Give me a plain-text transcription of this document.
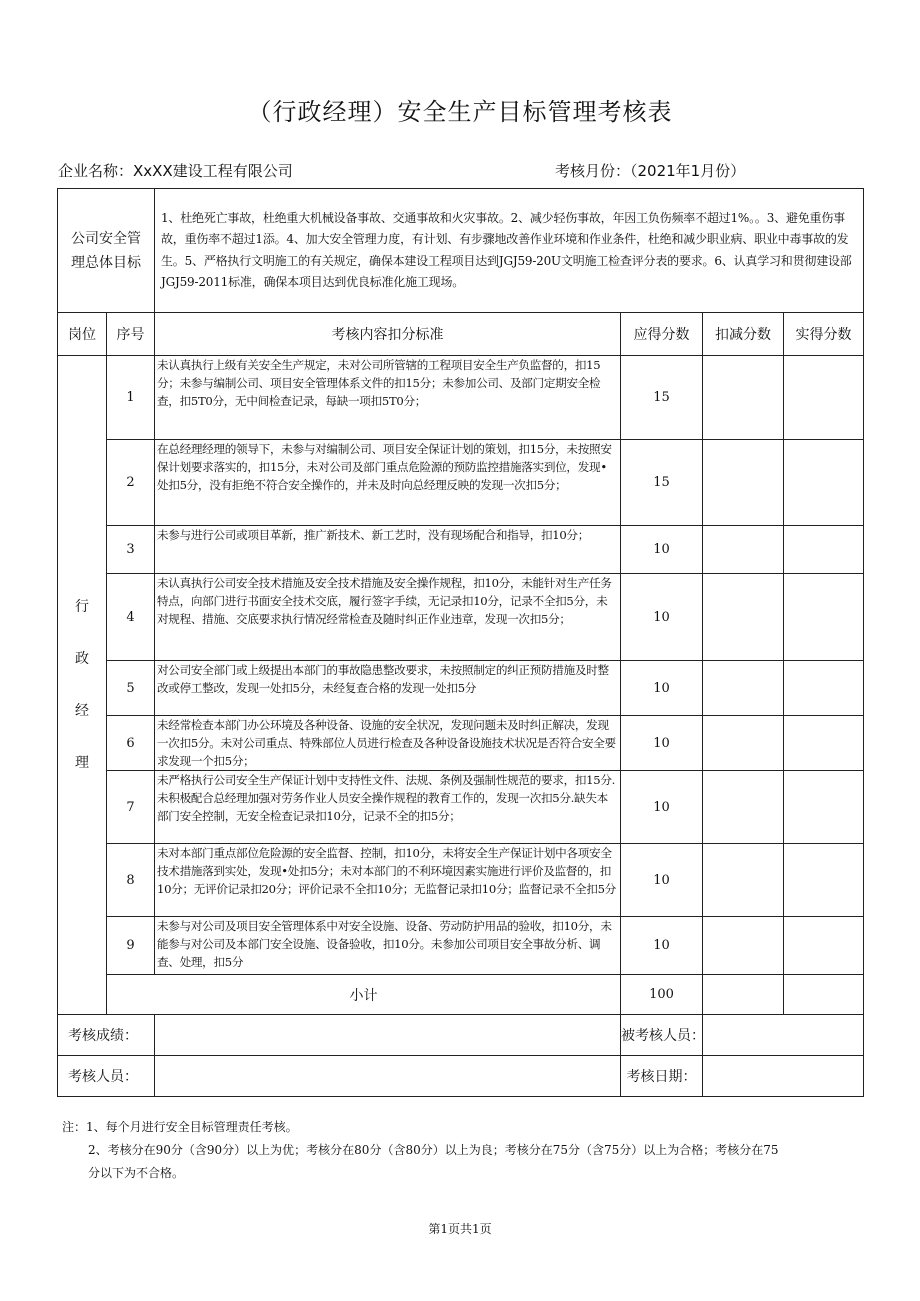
（行政经理）安全生产目标管理考核表
企业名称：XxXX建设工程有限公司	考核月份：（2021年1月份）
公司安全管
理总体目标		1、杜绝死亡事故，杜绝重大机械设备事故、交通事故和火灾事故。2、减少轻伤事故，年因工负伤频率不超过1%。。3、避免重伤事故，重伤率不超过1添。4、加大安全管理力度，有计划、有步骤地改善作业环境和作业条件，杜绝和减少职业病、职业中毒事故的发生。5、严格执行文明施工的有关规定，确保本建设工程项目达到JGJ59-20U文明施工检查评分表的要求。6、认真学习和贯彻建设部JGJ59-2011标准，确保本项目达到优良标准化施工现场。			
岗位	序号	考核内容扣分标准	应得分数	扣减分数	实得分数

行
政
经
理	1	未认真执行上级有关安全生产规定，未对公司所管辖的工程项目安全生产负监督的，扣15分；未参与编制公司、项目安全管理体系文件的扣15分；未参加公司、及部门定期安全检查，扣5T0分，无中间检查记录，每缺一项扣5T0分；	15		
	2	在总经理经理的领导下，未参与对编制公司、项目安全保证计划的策划，扣15分，未按照安保计划要求落实的，扣15分，未对公司及部门重点危险源的预防监控措施落实到位，发现•处扣5分，没有拒绝不符合安全操作的，并未及时向总经理反映的发现一次扣5分；	15		
	3	未参与进行公司或项目革新，推广新技术、新工艺时，没有现场配合和指导，扣10分；	10		
	4	未认真执行公司安全技术措施及安全技术措施及安全操作规程，扣10分，未能针对生产任务特点，向部门进行书面安全技术交底，履行签字手续，无记录扣10分，记录不全扣5分，未对规程、措施、交底要求执行情况经常检查及随时纠正作业违章，发现一次扣5分；	10		
	5	对公司安全部门或上级提出本部门的事故隐患整改要求，未按照制定的纠正预防措施及时整改或停工整改，发现一处扣5分，未经复查合格的发现一处扣5分	10		
	6	未经常检查本部门办公环境及各种设备、设施的安全状况，发现问题未及时纠正解决，发现一次扣5分。未对公司重点、特殊部位人员进行检查及各种设备设施技术状况是否符合安全要求发现一个扣5分；	10		
	7	未严格执行公司安全生产保证计划中支持性文件、法规、条例及强制性规范的要求，扣15分.未积极配合总经理加强对劳务作业人员安全操作规程的教育工作的，发现一次扣5分.缺失本部门安全控制，无安全检查记录扣10分，记录不全的扣5分；	10		
	8	未对本部门重点部位危险源的安全监督、控制，扣10分，未将安全生产保证计划中各项安全技术措施落到实处，发现•处扣5分；未对本部门的不利环境因素实施进行评价及监督的，扣10分；无评价记录扣20分；评价记录不全扣10分；无监督记录扣10分；监督记录不全扣5分	10		
	9	未参与对公司及项目安全管理体系中对安全设施、设备、劳动防护用品的验收，扣10分，未能参与对公司及本部门安全设施、设备验收，扣10分。未参加公司项目安全事故分析、调查、处理，扣5分	10		
	小计		100		
考核成绩：			被考核人员：		
考核人员：			考核日期：		
注：1、每个月进行安全目标管理责任考核。
2、考核分在90分（含90分）以上为优；考核分在80分（含80分）以上为良；考核分在75分（含75分）以上为合格；考核分在75
分以下为不合格。
第1页共1页
